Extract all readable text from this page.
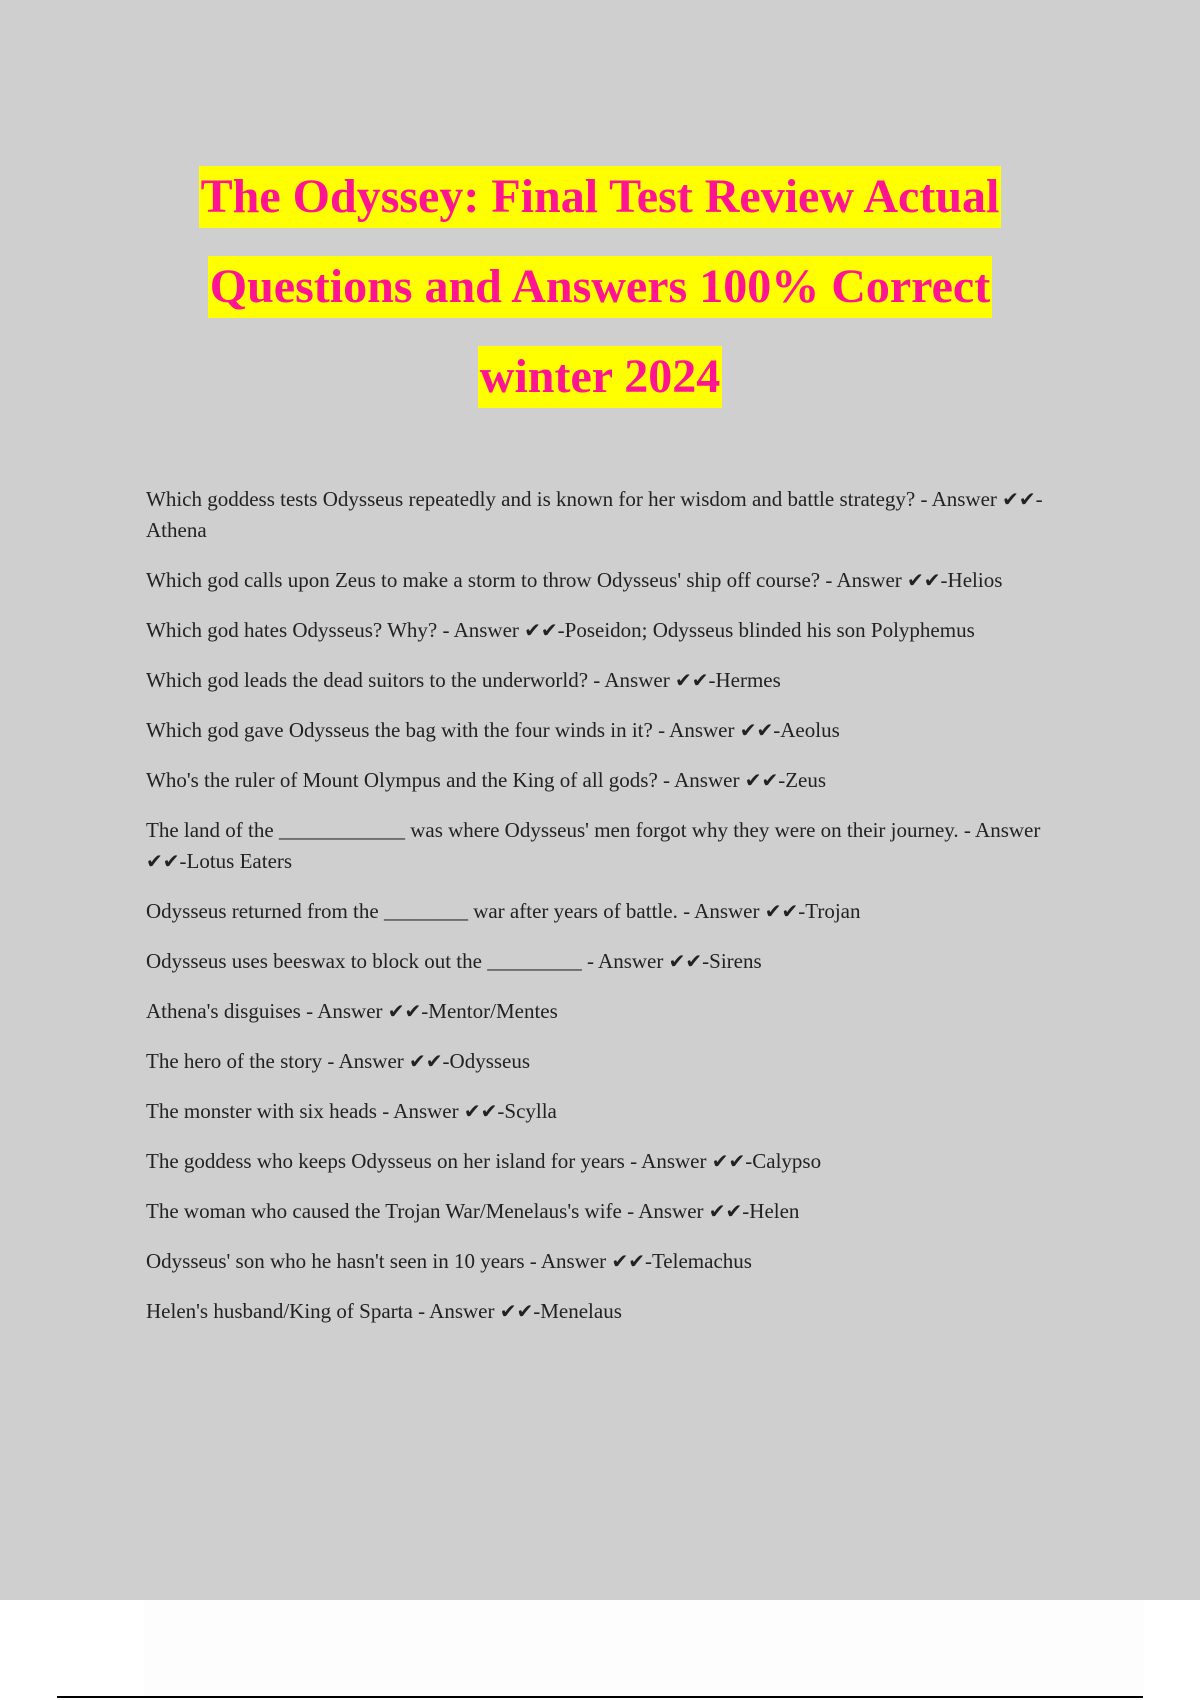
The Odyssey: Final Test Review Actual
Questions and Answers 100% Correct
winter 2024
Which goddess tests Odysseus repeatedly and is known for her wisdom and battle strategy? - Answer ✔✔-Athena
Which god calls upon Zeus to make a storm to throw Odysseus' ship off course? - Answer ✔✔-Helios
Which god hates Odysseus? Why? - Answer ✔✔-Poseidon; Odysseus blinded his son Polyphemus
Which god leads the dead suitors to the underworld? - Answer ✔✔-Hermes
Which god gave Odysseus the bag with the four winds in it? - Answer ✔✔-Aeolus
Who's the ruler of Mount Olympus and the King of all gods? - Answer ✔✔-Zeus
The land of the ____________ was where Odysseus' men forgot why they were on their journey. - Answer ✔✔-Lotus Eaters
Odysseus returned from the ________ war after years of battle. - Answer ✔✔-Trojan
Odysseus uses beeswax to block out the _________ - Answer ✔✔-Sirens
Athena's disguises - Answer ✔✔-Mentor/Mentes
The hero of the story - Answer ✔✔-Odysseus
The monster with six heads - Answer ✔✔-Scylla
The goddess who keeps Odysseus on her island for years - Answer ✔✔-Calypso
The woman who caused the Trojan War/Menelaus's wife - Answer ✔✔-Helen
Odysseus' son who he hasn't seen in 10 years - Answer ✔✔-Telemachus
Helen's husband/King of Sparta - Answer ✔✔-Menelaus
